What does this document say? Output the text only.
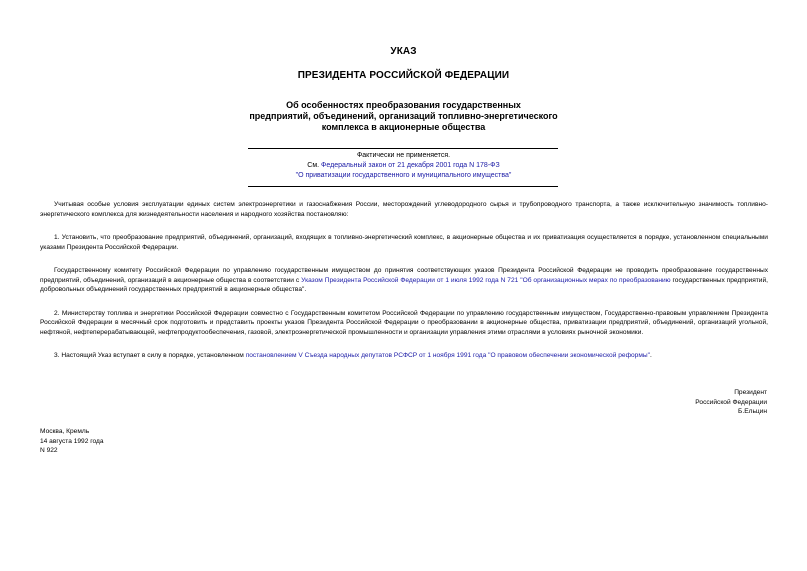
УКАЗ
ПРЕЗИДЕНТА РОССИЙСКОЙ ФЕДЕРАЦИИ
Об особенностях преобразования государственных
предприятий, объединений, организаций топливно-энергетического
комплекса в акционерные общества
Фактически не применяется.
См. Федеральный закон от 21 декабря 2001 года N 178-ФЗ
"О приватизации государственного и муниципального имущества"

Учитывая особые условия эксплуатации единых систем электроэнергетики и газоснабжения России, месторождений углеводородного сырья и трубопроводного транспорта, а также исключительную значимость топливно-энергетического комплекса для жизнедеятельности населения и народного хозяйства постановляю:

1. Установить, что преобразование предприятий, объединений, организаций, входящих в топливно-энергетический комплекс, в акционерные общества и их приватизация осуществляется в порядке, установленном специальными указами Президента Российской Федерации.

Государственному комитету Российской Федерации по управлению государственным имуществом до принятия соответствующих указов Президента Российской Федерации не проводить преобразование государственных предприятий, объединений, организаций в акционерные общества в соответствии с Указом Президента Российской Федерации от 1 июля 1992 года N 721 "Об организационных мерах по преобразованию государственных предприятий, добровольных объединений государственных предприятий в акционерные общества".

2. Министерству топлива и энергетики Российской Федерации совместно с Государственным комитетом Российской Федерации по управлению государственным имуществом, Государственно-правовым управлением Президента Российской Федерации в месячный срок подготовить и представить проекты указов Президента Российской Федерации о преобразовании в акционерные общества, приватизации предприятий, объединений, организаций угольной, нефтяной, нефтеперерабатывающей, нефтепродуктообеспечения, газовой, электроэнергетической промышленности и организации управления этими отраслями в условиях рыночной экономики.

3. Настоящий Указ вступает в силу в порядке, установленном постановлением V Съезда народных депутатов РСФСР от 1 ноября 1991 года "О правовом обеспечении экономической реформы".

Президент
Российской Федерации
Б.Ельцин
Москва, Кремль
14 августа 1992 года
N 922
